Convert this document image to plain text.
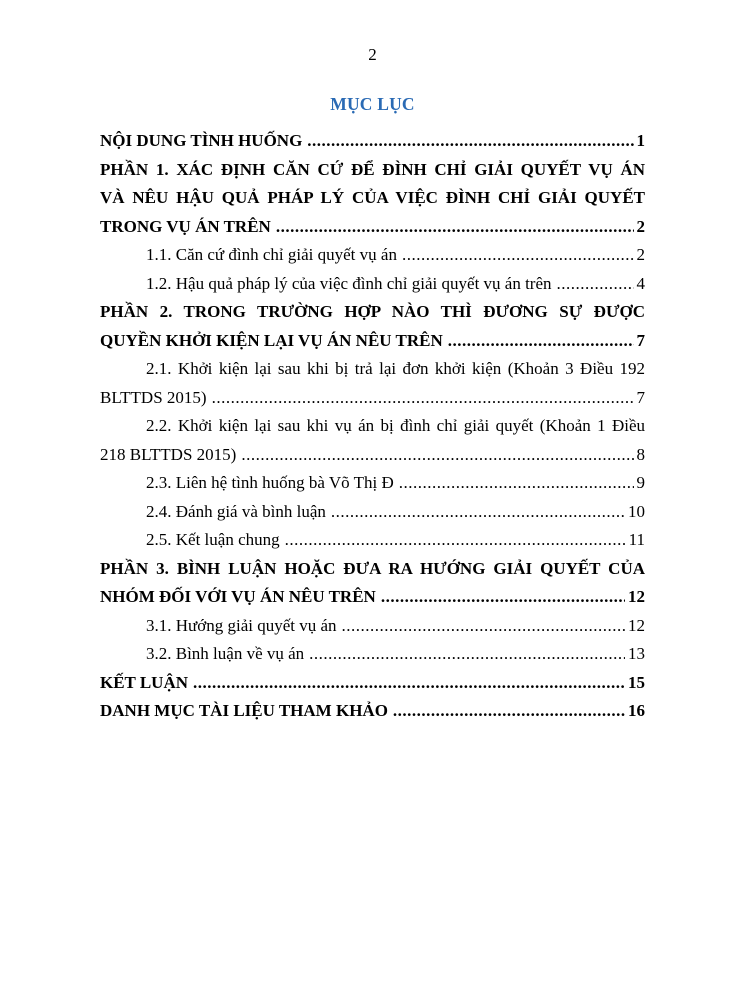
2
MỤC LỤC
NỘI DUNG TÌNH HUỐNG .....	1
PHẦN 1. XÁC ĐỊNH CĂN CỨ ĐỂ ĐÌNH CHỈ GIẢI QUYẾT VỤ ÁN
VÀ NÊU HẬU QUẢ PHÁP LÝ CỦA VIỆC ĐÌNH CHỈ GIẢI QUYẾT
TRONG VỤ ÁN TRÊN .....	2
1.1. Căn cứ đình chỉ giải quyết vụ án .....	2
1.2. Hậu quả pháp lý của việc đình chỉ giải quyết vụ án trên .....	4
PHẦN 2. TRONG TRƯỜNG HỢP NÀO THÌ ĐƯƠNG SỰ ĐƯỢC
QUYỀN KHỞI KIỆN LẠI VỤ ÁN NÊU TRÊN .....	7
2.1. Khởi kiện lại sau khi bị trả lại đơn khởi kiện (Khoản 3 Điều 192
BLTTDS 2015) .....	7
2.2. Khởi kiện lại sau khi vụ án bị đình chỉ giải quyết (Khoản 1 Điều
218 BLTTDS 2015) .....	8
2.3. Liên hệ tình huống bà Võ Thị Đ .....	9
2.4. Đánh giá và bình luận .....	10
2.5. Kết luận chung .....	11
PHẦN 3. BÌNH LUẬN HOẶC ĐƯA RA HƯỚNG GIẢI QUYẾT CỦA
NHÓM ĐỐI VỚI VỤ ÁN NÊU TRÊN .....	12
3.1. Hướng giải quyết vụ án .....	12
3.2. Bình luận về vụ án .....	13
KẾT LUẬN .....	15
DANH MỤC TÀI LIỆU THAM KHẢO .....	16
